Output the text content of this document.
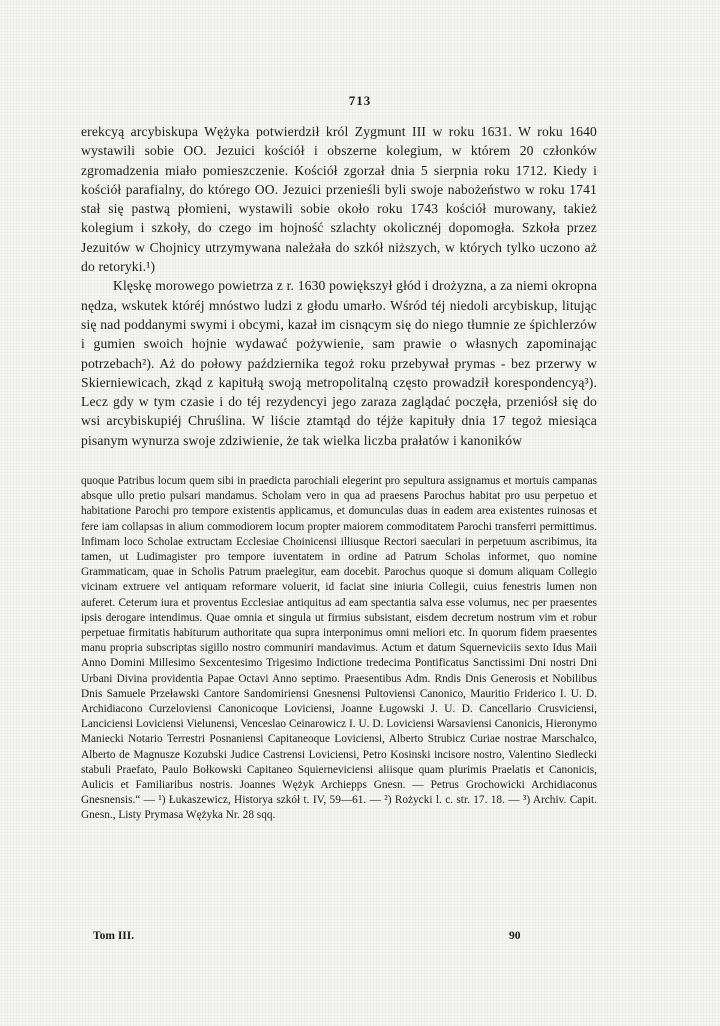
713

erekcyą arcybiskupa Wężyka potwierdził król Zygmunt III w roku 1631. W roku 1640 wystawili sobie OO. Jezuici kościół i obszerne kolegium, w którem 20 członków zgromadzenia miało pomieszczenie. Kościół zgorzał dnia 5 sierpnia roku 1712. Kiedy i kościół parafialny, do którego OO. Jezuici przenieśli byli swoje nabożeństwo w roku 1741 stał się pastwą płomieni, wystawili sobie około roku 1743 kościół murowany, takież kolegium i szkoły, do czego im hojność szlachty okolicznéj dopomogła. Szkoła przez Jezuitów w Chojnicy utrzymywana należała do szkół niższych, w których tylko uczono aż do retoryki.¹)

Klęskę morowego powietrza z r. 1630 powiększył głód i drożyzna, a za niemi okropna nędza, wskutek któréj mnóstwo ludzi z głodu umarło. Wśród téj niedoli arcybiskup, litując się nad poddanymi swymi i obcymi, kazał im cisnącym się do niego tłumnie ze śpichlerzów i gumien swoich hojnie wydawać pożywienie, sam prawie o własnych zapominając potrzebach²). Aż do połowy października tegoż roku przebywał prymas - bez przerwy w Skierniewicach, zkąd z kapitułą swoją metropolitalną często prowadził korespondencyą³). Lecz gdy w tym czasie i do téj rezydencyi jego zaraza zaglądać poczęła, przeniósł się do wsi arcybiskupiéj Chruślina. W liście ztamtąd do téjże kapituły dnia 17 tegoż miesiąca pisanym wynurza swoje zdziwienie, że tak wielka liczba prałatów i kanoników

quoque Patribus locum quem sibi in praedicta parochiali elegerint pro sepultura assignamus et mortuis campanas absque ullo pretio pulsari mandamus. Scholam vero in qua ad praesens Parochus habitat pro usu perpetuo et habitatione Parochi pro tempore existentis applicamus, et domunculas duas in eadem area existentes ruinosas et fere iam collapsas in alium commodiorem locum propter maiorem commoditatem Parochi transferri permittimus. Infimam loco Scholae extructam Ecclesiae Choinicensi illiusque Rectori saeculari in perpetuum ascribimus, ita tamen, ut Ludimagister pro tempore iuventatem in ordine ad Patrum Scholas informet, quo nomine Grammaticam, quae in Scholis Patrum praelegitur, eam docebit. Parochus quoque si domum aliquam Collegio vicinam extruere vel antiquam reformare voluerit, id faciat sine iniuria Collegii, cuius fenestris lumen non auferet. Ceterum iura et proventus Ecclesiae antiquitus ad eam spectantia salva esse volumus, nec per praesentes ipsis derogare intendimus. Quae omnia et singula ut firmius subsistant, eisdem decretum nostrum vim et robur perpetuae firmitatis habiturum authoritate qua supra interponimus omni meliori etc. In quorum fidem praesentes manu propria subscriptas sigillo nostro communiri mandavimus. Actum et datum Squerneviciis sexto Idus Maii Anno Domini Millesimo Sexcentesimo Trigesimo Indictione tredecima Pontificatus Sanctissimi Dni nostri Dni Urbani Divina providentia Papae Octavi Anno septimo. Praesentibus Adm. Rndis Dnis Generosis et Nobilibus Dnis Samuele Przeławski Cantore Sandomiriensi Gnesnensi Pultoviensi Canonico, Mauritio Friderico I. U. D. Archidiacono Curzeloviensi Canonicoque Loviciensi, Joanne Ługowski J. U. D. Cancellario Crusviciensi, Lanciciensi Loviciensi Vielunensi, Venceslao Ceinarowicz I. U. D. Loviciensi Warsaviensi Canonicis, Hieronymo Maniecki Notario Terrestri Posnaniensi Capitaneoque Loviciensi, Alberto Strubicz Curiae nostrae Marschalco, Alberto de Magnusze Kozubski Judice Castrensi Loviciensi, Petro Kosinski incisore nostro, Valentino Siedlecki stabuli Praefato, Paulo Bołkowski Capitaneo Squierneviciensi aliisque quam plurimis Praelatis et Canonicis, Aulicis et Familiaribus nostris. Joannes Wężyk Archiepps Gnesn. — Petrus Grochowicki Archidiaconus Gnesnensis.“ — ¹) Łukaszewicz, Historya szkół t. IV, 59—61. — ²) Rożycki l. c. str. 17. 18. — ³) Archiv. Capit. Gnesn., Listy Prymasa Wężyka Nr. 28 sqq.

Tom III.	90
